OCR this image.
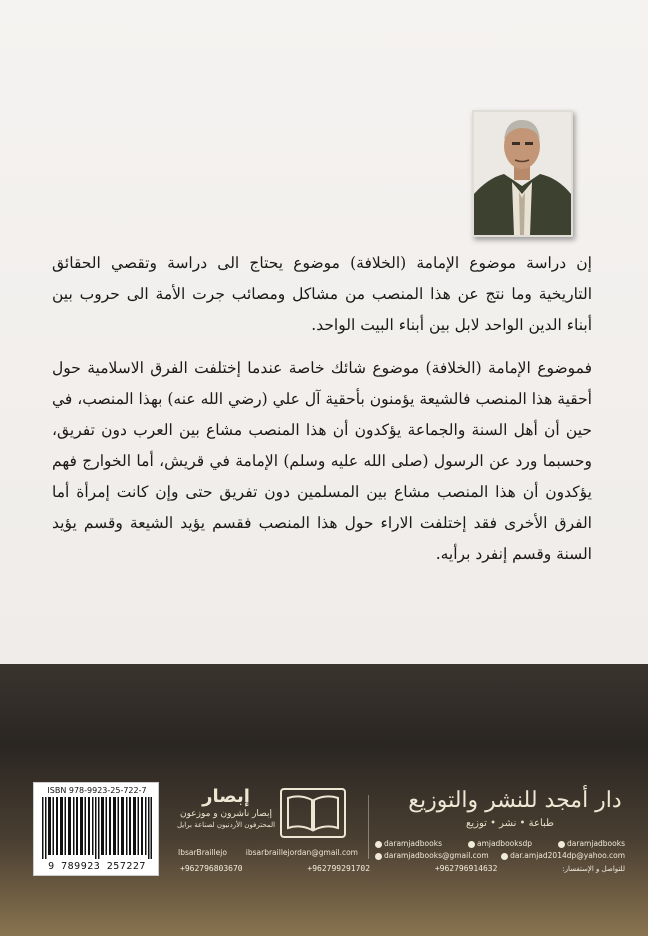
إن دراسة موضوع الإمامة (الخلافة) موضوع يحتاج الى دراسة وتقصي الحقائق التاريخية وما نتج عن هذا المنصب من مشاكل ومصائب جرت الأمة الى حروب بين أبناء الدين الواحد لابل بين أبناء البيت الواحد.

فموضوع الإمامة (الخلافة) موضوع شائك خاصة عندما إختلفت الفرق الاسلامية حول أحقية هذا المنصب فالشيعة يؤمنون بأحقية آل علي (رضي الله عنه) بهذا المنصب، في حين أن أهل السنة والجماعة يؤكدون أن هذا المنصب مشاع بين العرب دون تفريق، وحسبما ورد عن الرسول (صلى الله عليه وسلم) الإمامة في قريش، أما الخوارج فهم يؤكدون أن هذا المنصب مشاع بين المسلمين دون تفريق حتى وإن كانت إمرأة أما الفرق الأخرى فقد إختلفت الاراء حول هذا المنصب فقسم يؤيد الشيعة وقسم يؤيد السنة وقسم إنفرد برأيه.

دار أمجد للنشر والتوزيع
طباعة • نشر • توزيع
daramjadbooks	amjadbooksdp	daramjadbooks
daramjadbooks@gmail.com	dar.amjad2014dp@yahoo.com
إبصار
إبصار ناشرون و موزعون
المحترفون الأردنيون لصناعة برايل
IbsarBraillejo	ibsarbraillejordan@gmail.com
+962796803670	+962799291702	+962796914632	للتواصل و الإستفسار:
ISBN 978-9923-25-722-7
9 789923 257227
